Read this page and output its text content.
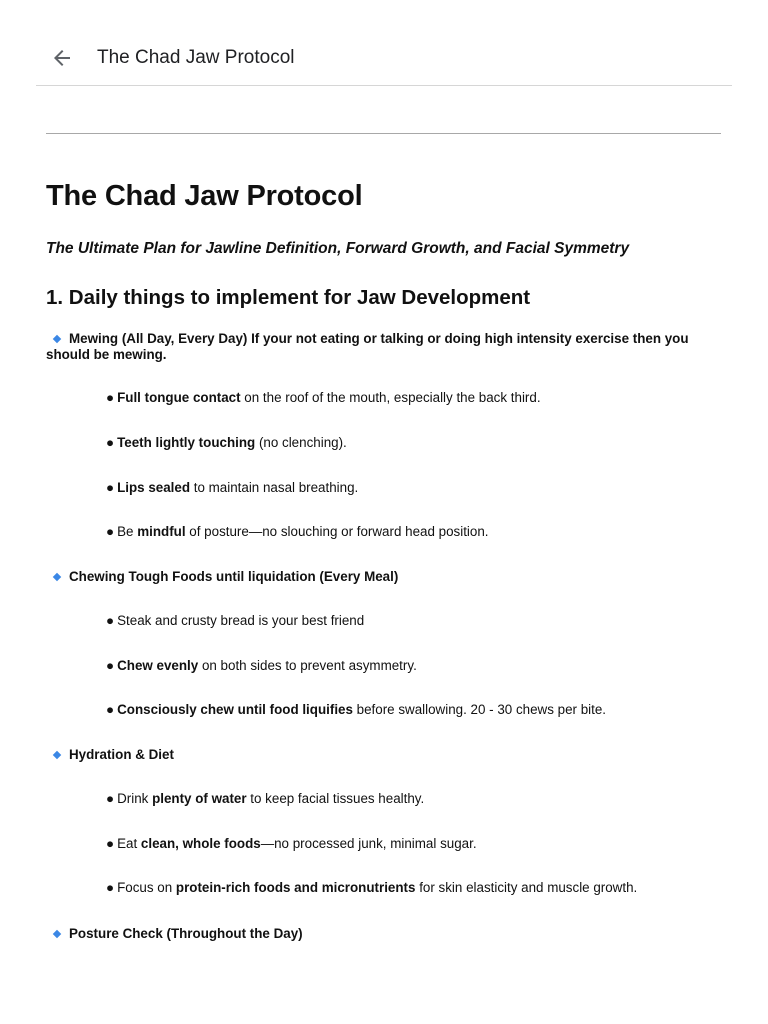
The Chad Jaw Protocol
The Chad Jaw Protocol
The Ultimate Plan for Jawline Definition, Forward Growth, and Facial Symmetry
1. Daily things to implement for Jaw Development
Mewing (All Day, Every Day) If your not eating or talking or doing high intensity exercise then you should be mewing.
● Full tongue contact on the roof of the mouth, especially the back third.
● Teeth lightly touching (no clenching).
● Lips sealed to maintain nasal breathing.
● Be mindful of posture—no slouching or forward head position.
Chewing Tough Foods until liquidation (Every Meal)
● Steak and crusty bread is your best friend
● Chew evenly on both sides to prevent asymmetry.
● Consciously chew until food liquifies before swallowing. 20 - 30 chews per bite.
Hydration & Diet
● Drink plenty of water to keep facial tissues healthy.
● Eat clean, whole foods—no processed junk, minimal sugar.
● Focus on protein-rich foods and micronutrients for skin elasticity and muscle growth.
Posture Check (Throughout the Day)
